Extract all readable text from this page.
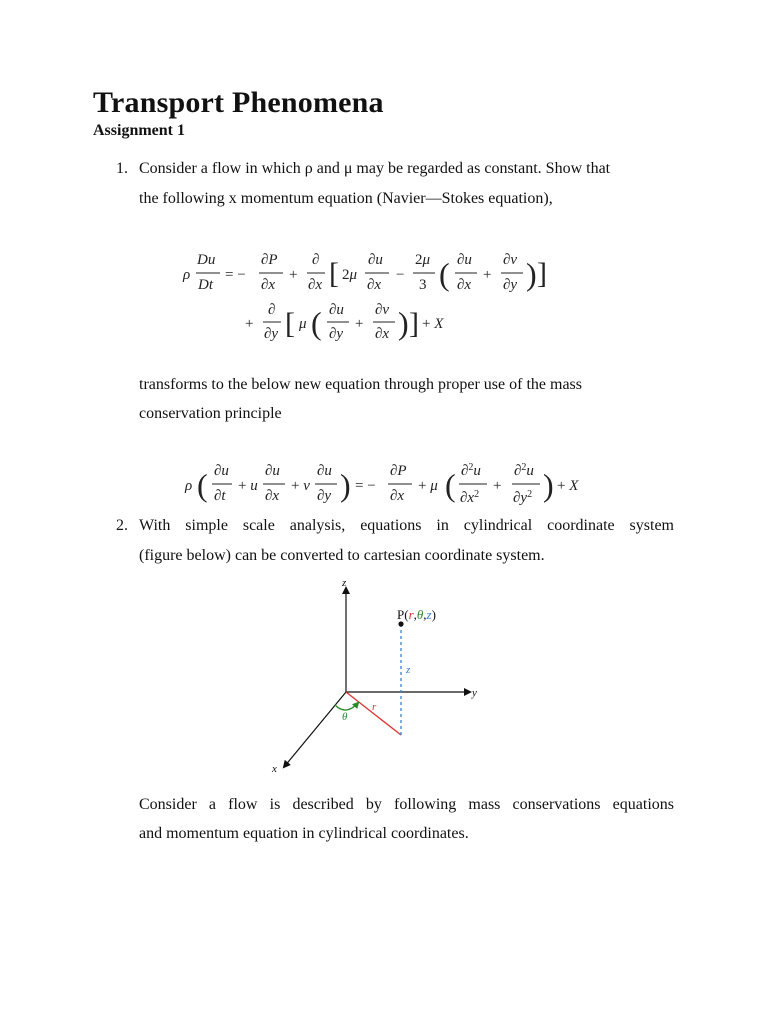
Transport Phenomena
Assignment 1
1. Consider a flow in which ρ and μ may be regarded as constant. Show that
the following x momentum equation (Navier—Stokes equation),
ρ
Du
Dt
= −
∂P
∂x
+
∂
∂x [ 2μ
∂u
∂x
−
2μ
3 ( ∂u
∂x
+
∂v
∂y ) ]
+
∂
∂y [ μ ( ∂u
∂y
+
∂v
∂x ) ] + X
transforms to the below new equation through proper use of the mass
conservation principle
ρ ( ∂u
∂t
+ u
∂u
∂x
+ v
∂u
∂y ) = −
∂P
∂x
+ μ ( ∂$^2$u
$\partial x^2$ +
∂$^2$u
$\partial y^2$ ) + X
2. With simple scale analysis, equations in cylindrical coordinate system
(figure below) can be converted to cartesian coordinate system.
z
y
x
P(r,θ,z)
z
r
θ
Consider a flow is described by following mass conservations equations
and momentum equation in cylindrical coordinates.
